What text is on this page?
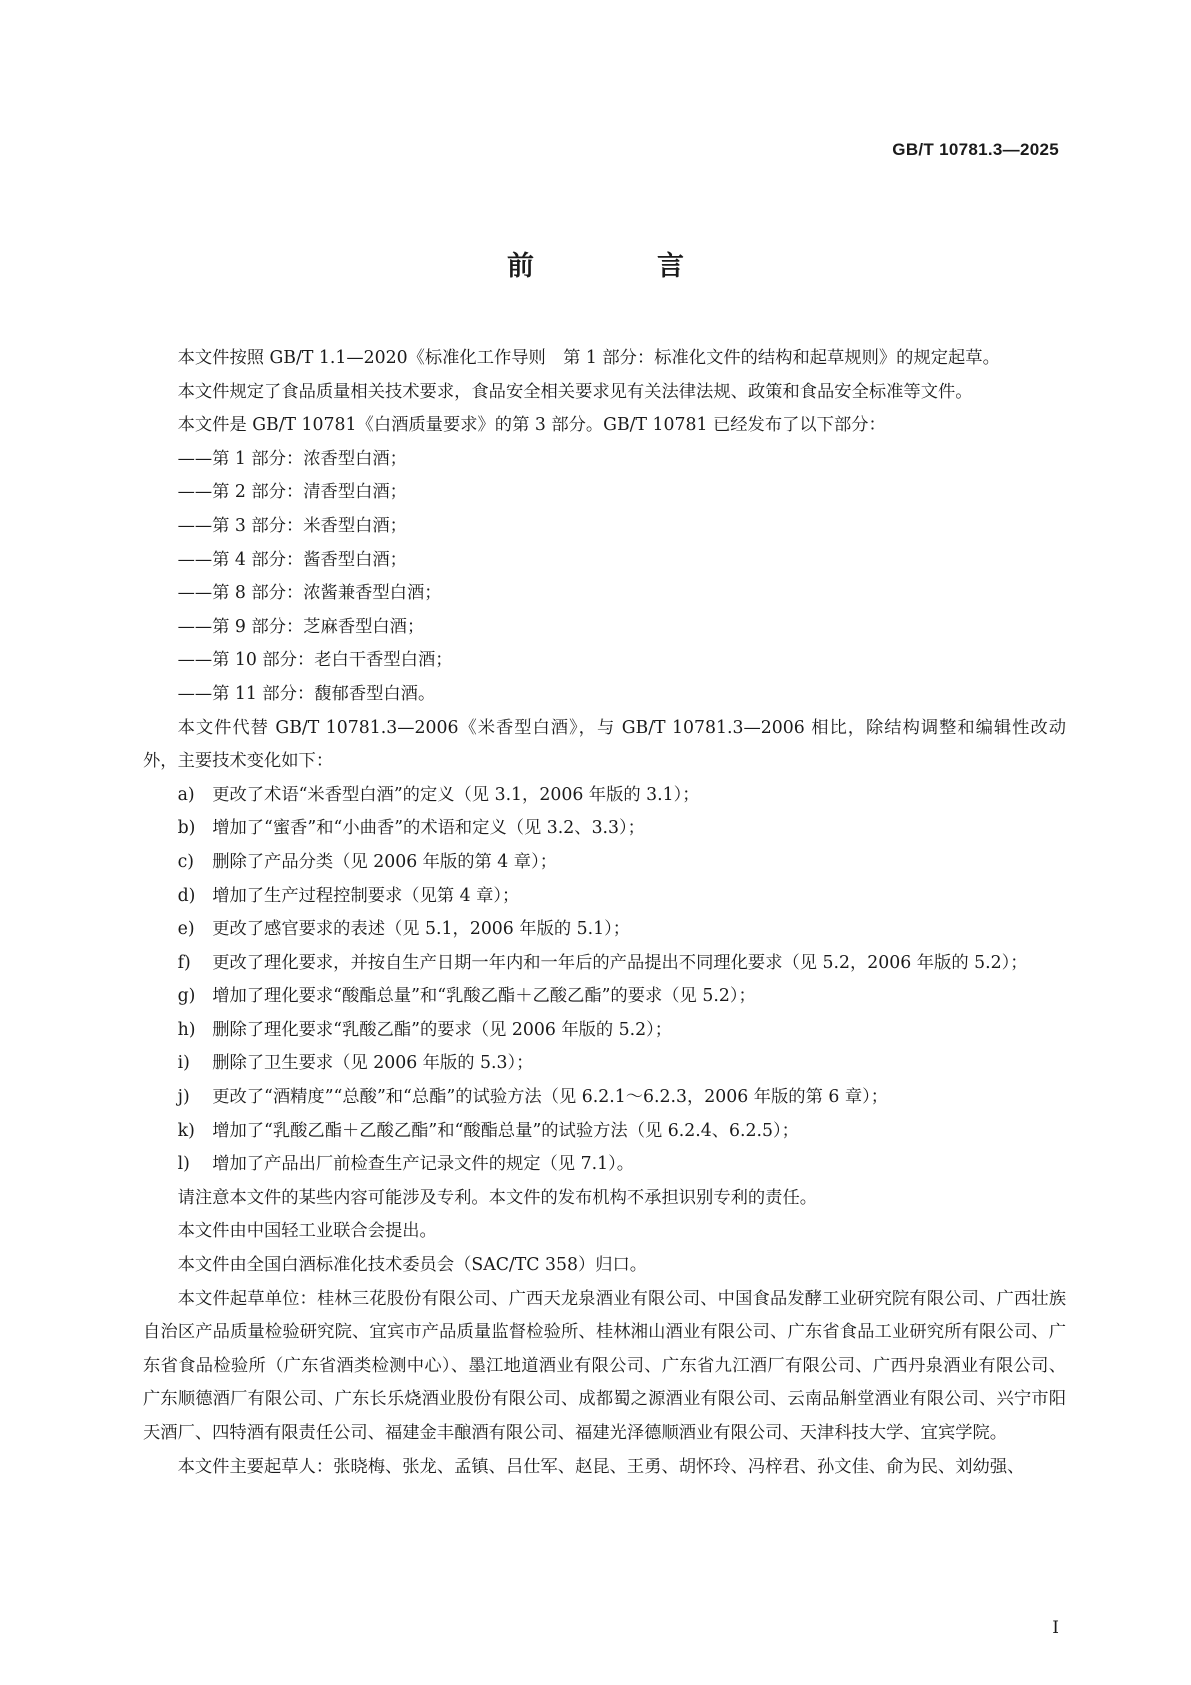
GB/T 10781.3—2025
前　言

本文件按照 GB/T 1.1—2020《标准化工作导则　第 1 部分：标准化文件的结构和起草规则》的规定起草。

本文件规定了食品质量相关技术要求，食品安全相关要求见有关法律法规、政策和食品安全标准等文件。

本文件是 GB/T 10781《白酒质量要求》的第 3 部分。GB/T 10781 已经发布了以下部分：

——第 1 部分：浓香型白酒；

——第 2 部分：清香型白酒；

——第 3 部分：米香型白酒；

——第 4 部分：酱香型白酒；

——第 8 部分：浓酱兼香型白酒；

——第 9 部分：芝麻香型白酒；

——第 10 部分：老白干香型白酒；

——第 11 部分：馥郁香型白酒。

本文件代替 GB/T 10781.3—2006《米香型白酒》，与 GB/T 10781.3—2006 相比，除结构调整和编辑性改动外，主要技术变化如下：

a) 更改了术语“米香型白酒”的定义（见 3.1，2006 年版的 3.1）；

b) 增加了“蜜香”和“小曲香”的术语和定义（见 3.2、3.3）；

c) 删除了产品分类（见 2006 年版的第 4 章）；

d) 增加了生产过程控制要求（见第 4 章）；

e) 更改了感官要求的表述（见 5.1，2006 年版的 5.1）；

f) 更改了理化要求，并按自生产日期一年内和一年后的产品提出不同理化要求（见 5.2，2006 年版的 5.2）；

g) 增加了理化要求“酸酯总量”和“乳酸乙酯＋乙酸乙酯”的要求（见 5.2）；

h) 删除了理化要求“乳酸乙酯”的要求（见 2006 年版的 5.2）；

i) 删除了卫生要求（见 2006 年版的 5.3）；

j) 更改了“酒精度”“总酸”和“总酯”的试验方法（见 6.2.1～6.2.3，2006 年版的第 6 章）；

k) 增加了“乳酸乙酯＋乙酸乙酯”和“酸酯总量”的试验方法（见 6.2.4、6.2.5）；

l) 增加了产品出厂前检查生产记录文件的规定（见 7.1）。

请注意本文件的某些内容可能涉及专利。本文件的发布机构不承担识别专利的责任。

本文件由中国轻工业联合会提出。

本文件由全国白酒标准化技术委员会（SAC/TC 358）归口。

本文件起草单位：桂林三花股份有限公司、广西天龙泉酒业有限公司、中国食品发酵工业研究院有限公司、广西壮族自治区产品质量检验研究院、宜宾市产品质量监督检验所、桂林湘山酒业有限公司、广东省食品工业研究所有限公司、广东省食品检验所（广东省酒类检测中心）、墨江地道酒业有限公司、广东省九江酒厂有限公司、广西丹泉酒业有限公司、广东顺德酒厂有限公司、广东长乐烧酒业股份有限公司、成都蜀之源酒业有限公司、云南品斛堂酒业有限公司、兴宁市阳天酒厂、四特酒有限责任公司、福建金丰酿酒有限公司、福建光泽德顺酒业有限公司、天津科技大学、宜宾学院。

本文件主要起草人：张晓梅、张龙、孟镇、吕仕军、赵昆、王勇、胡怀玲、冯梓君、孙文佳、俞为民、刘幼强、

I
